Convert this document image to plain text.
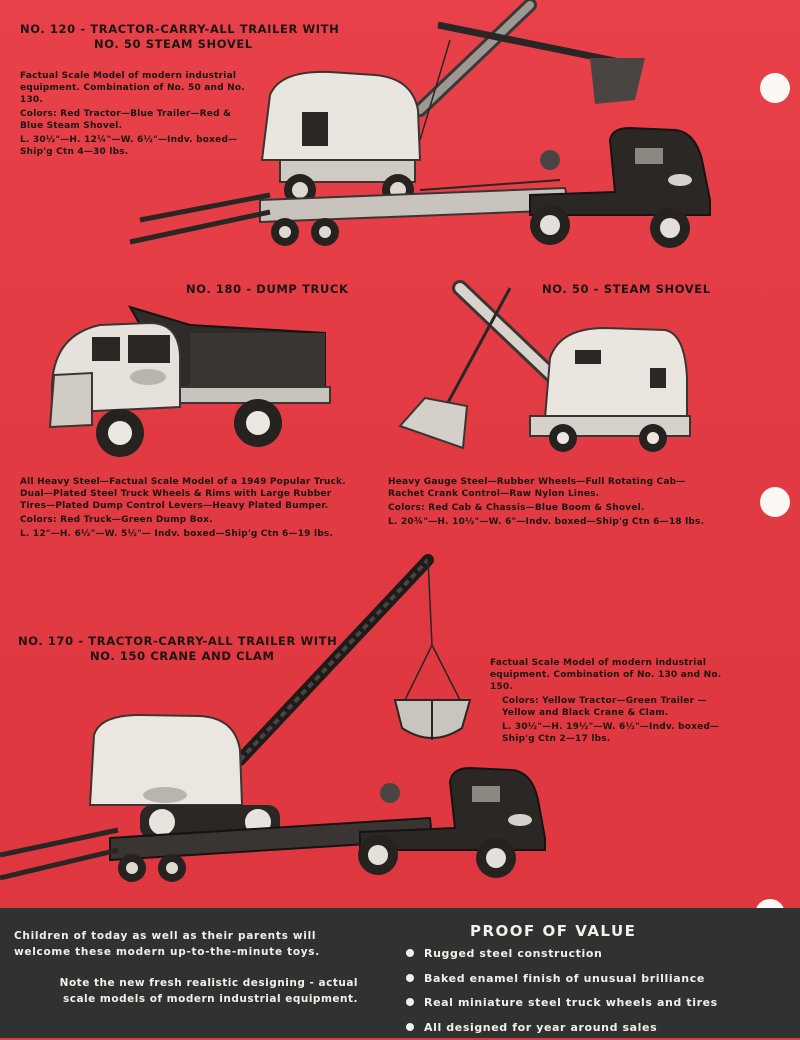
NO. 120 - TRACTOR-CARRY-ALL TRAILER WITH
NO. 50 STEAM SHOVEL

Factual Scale Model of modern industrial equipment. Combination of No. 50 and No. 130.

Colors: Red Tractor—Blue Trailer—Red & Blue Steam Shovel.

L. 30½"—H. 12¼"—W. 6½"—Indv. boxed—Ship'g Ctn 4—30 lbs.

NO. 180 - DUMP TRUCK

All Heavy Steel—Factual Scale Model of a 1949 Popular Truck. Dual—Plated Steel Truck Wheels & Rims with Large Rubber Tires—Plated Dump Control Levers—Heavy Plated Bumper.

Colors: Red Truck—Green Dump Box.

L. 12"—H. 6½"—W. 5½"— Indv. boxed—Ship'g Ctn 6—19 lbs.

NO. 50 - STEAM SHOVEL

Heavy Gauge Steel—Rubber Wheels—Full Rotating Cab—Rachet Crank Control—Raw Nylon Lines.

Colors: Red Cab & Chassis—Blue Boom & Shovel.

L. 20¾"—H. 10½"—W. 6"—Indv. boxed—Ship'g Ctn 6—18 lbs.

NO. 170 - TRACTOR-CARRY-ALL TRAILER WITH
NO. 150 CRANE AND CLAM	Factual Scale Model of modern industrial equipment. Combination of No. 130 and No. 150.

Colors: Yellow Tractor—Green Trailer —Yellow and Black Crane & Clam.

L. 30½"—H. 19½"—W. 6½"—Indv. boxed—Ship'g Ctn 2—17 lbs.

Children of today as well as their parents will welcome these modern up-to-the-minute toys.
Note the new fresh realistic designing - actual scale models of modern industrial equipment.
PROOF OF VALUE
Rugged steel construction
Baked enamel finish of unusual brilliance
Real miniature steel truck wheels and tires
All designed for year around sales
